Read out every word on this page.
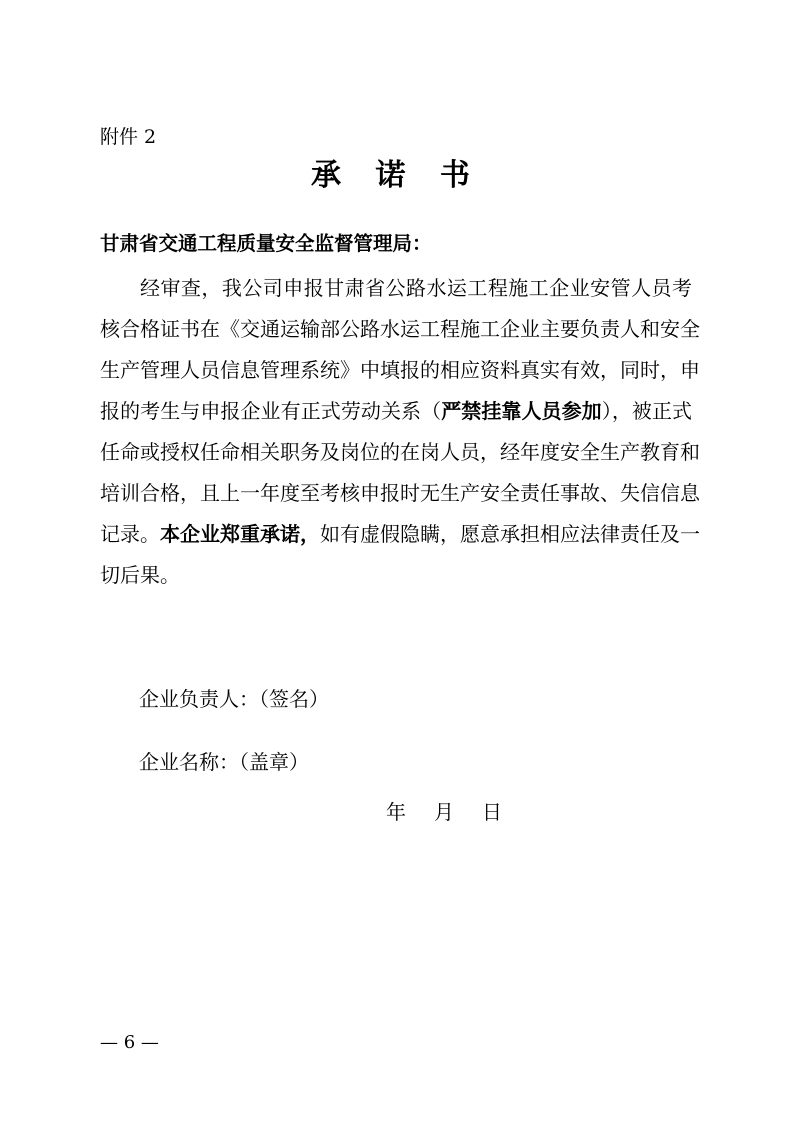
附件 2
承 诺 书
甘肃省交通工程质量安全监督管理局：
经审查，我公司申报甘肃省公路水运工程施工企业安管人员考
核合格证书在《交通运输部公路水运工程施工企业主要负责人和安全
生产管理人员信息管理系统》中填报的相应资料真实有效，同时，申
报的考生与申报企业有正式劳动关系（严禁挂靠人员参加），被正式
任命或授权任命相关职务及岗位的在岗人员，经年度安全生产教育和
培训合格，且上一年度至考核申报时无生产安全责任事故、失信信息
记录。本企业郑重承诺，如有虚假隐瞒，愿意承担相应法律责任及一
切后果。
企业负责人：（签名）
企业名称：（盖章）
年 月 日
— 6 —
